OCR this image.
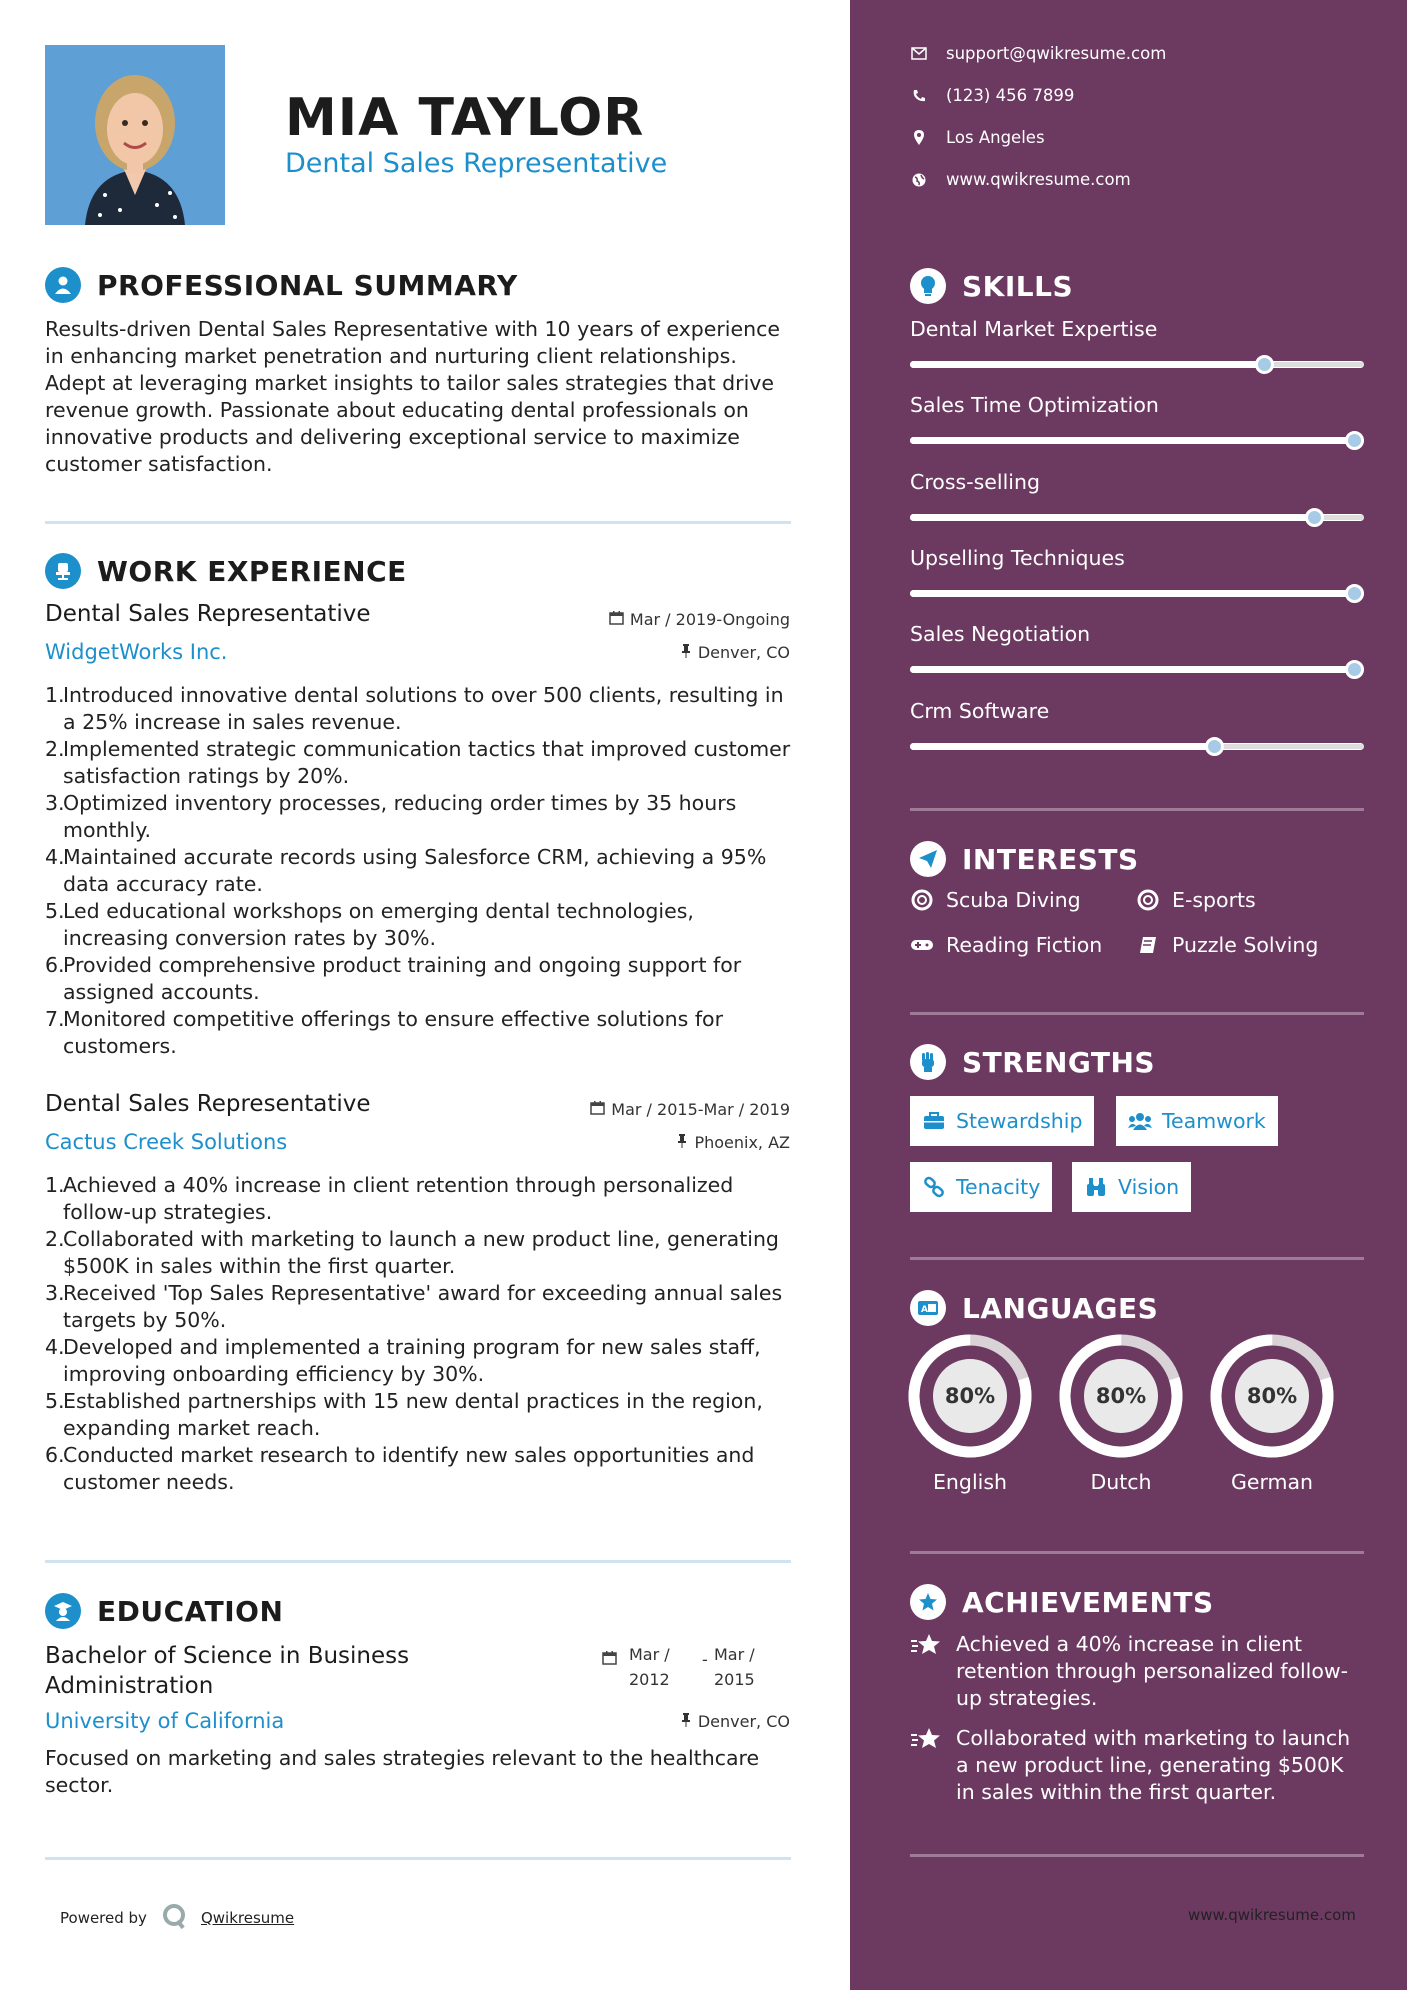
MIA TAYLOR
Dental Sales Representative
PROFESSIONAL SUMMARY
Results-driven Dental Sales Representative with 10 years of experience in enhancing market penetration and nurturing client relationships. Adept at leveraging market insights to tailor sales strategies that drive revenue growth. Passionate about educating dental professionals on innovative products and delivering exceptional service to maximize customer satisfaction.
WORK EXPERIENCE
Dental Sales Representative	Mar / 2019-Ongoing
WidgetWorks Inc.	Denver, CO
1.
Introduced innovative dental solutions to over 500 clients, resulting in a 25% increase in sales revenue.
2.
Implemented strategic communication tactics that improved customer satisfaction ratings by 20%.
3.
Optimized inventory processes, reducing order times by 35 hours monthly.
4.
Maintained accurate records using Salesforce CRM, achieving a 95% data accuracy rate.
5.
Led educational workshops on emerging dental technologies, increasing conversion rates by 30%.
6.
Provided comprehensive product training and ongoing support for assigned accounts.
7.
Monitored competitive offerings to ensure effective solutions for customers.
Dental Sales Representative	Mar / 2015-Mar / 2019
Cactus Creek Solutions	Phoenix, AZ
1.
Achieved a 40% increase in client retention through personalized follow-up strategies.
2.
Collaborated with marketing to launch a new product line, generating $500K in sales within the first quarter.
3.
Received 'Top Sales Representative' award for exceeding annual sales targets by 50%.
4.
Developed and implemented a training program for new sales staff, improving onboarding efficiency by 30%.
5.
Established partnerships with 15 new dental practices in the region, expanding market reach.
6.
Conducted market research to identify new sales opportunities and customer needs.
EDUCATION
Bachelor of Science in Business
Administration
Mar /
2012
- Mar /
2015
University of California	Denver, CO
Focused on marketing and sales strategies relevant to the healthcare sector.
Powered by	Qwikresume
support@qwikresume.com
(123) 456 7899
Los Angeles
www.qwikresume.com
SKILLS
Dental Market Expertise
Sales Time Optimization
Cross-selling
Upselling Techniques
Sales Negotiation
Crm Software
INTERESTS
Scuba Diving	E-sports
Reading Fiction	Puzzle Solving
STRENGTHS
Stewardship	Teamwork
Tenacity	Vision
A LANGUAGES
80%	80%	80%
English	Dutch	German
ACHIEVEMENTS
Achieved a 40% increase in client retention through personalized follow-up strategies.
Collaborated with marketing to launch a new product line, generating $500K in sales within the first quarter.
www.qwikresume.com
